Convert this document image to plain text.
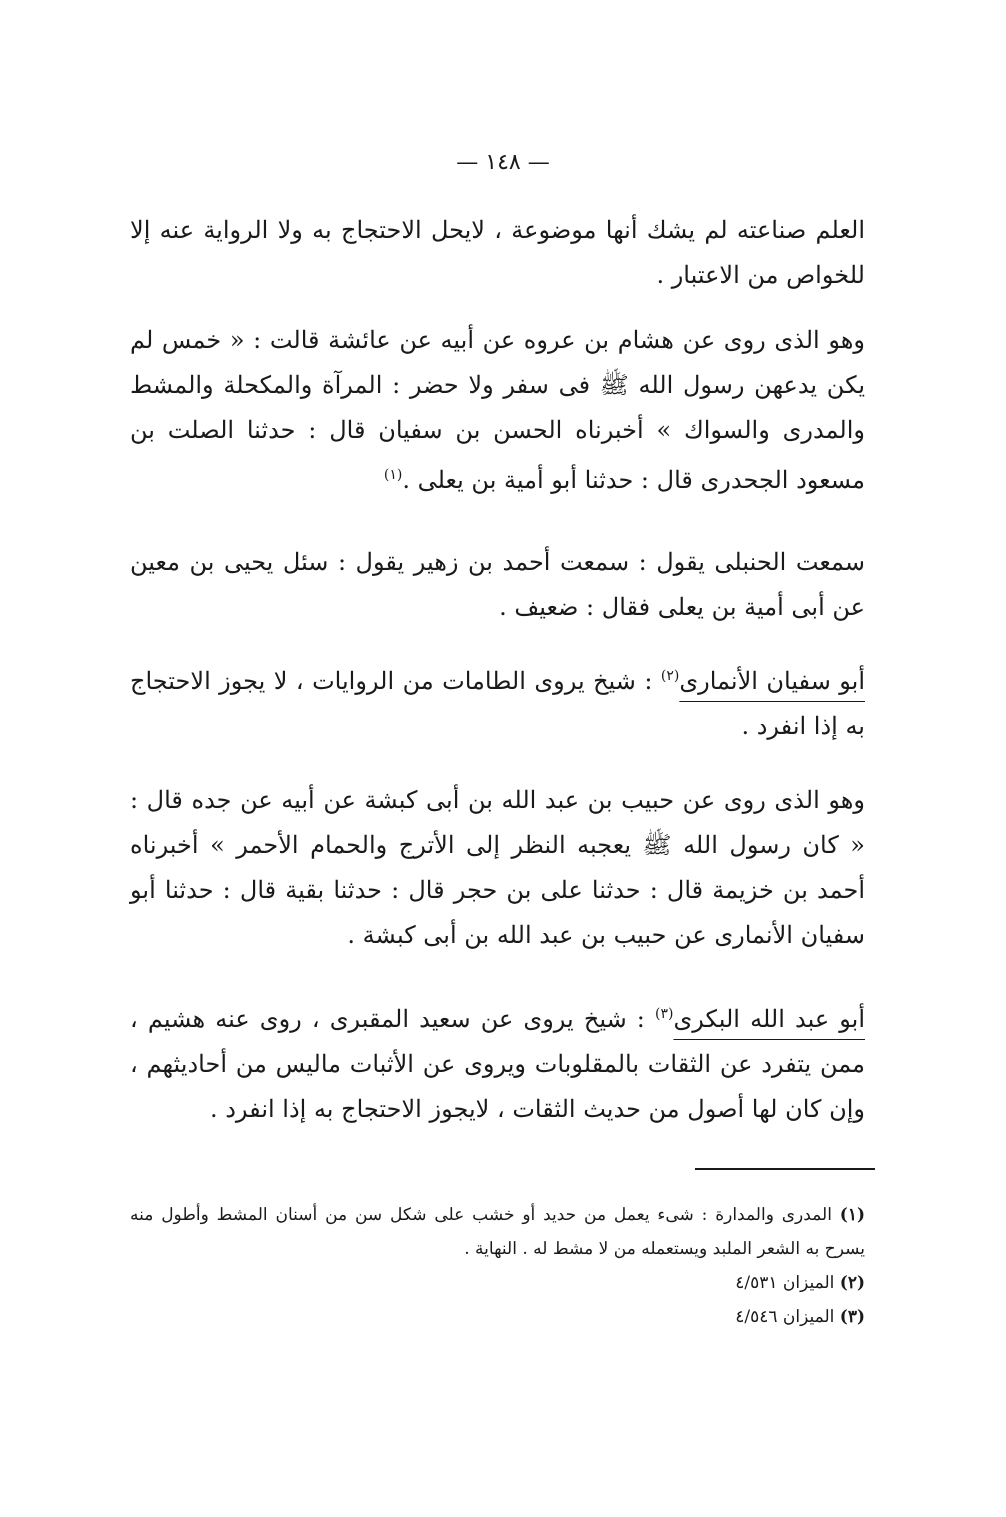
— ١٤٨ —

العلم صناعته لم يشك أنها موضوعة ، لايحل الاحتجاج به ولا الرواية عنه إلا للخواص من الاعتبار .

وهو الذى روى عن هشام بن عروه عن أبيه عن عائشة قالت : « خمس لم يكن يدعهن رسول الله ﷺ فى سفر ولا حضر : المرآة والمكحلة والمشط والمدرى والسواك » أخبرناه الحسن بن سفيان قال : حدثنا الصلت بن مسعود الجحدرى قال : حدثنا أبو أمية بن يعلى .$^{(١)}$

سمعت الحنبلى يقول : سمعت أحمد بن زهير يقول : سئل يحيى بن معين عن أبى أمية بن يعلى فقال : ضعيف .

أبو سفيان الأنمارى$^{(٢)}$ : شيخ يروى الطامات من الروايات ، لا يجوز الاحتجاج به إذا انفرد .

وهو الذى روى عن حبيب بن عبد الله بن أبى كبشة عن أبيه عن جده قال : « كان رسول الله ﷺ يعجبه النظر إلى الأترج والحمام الأحمر » أخبرناه أحمد بن خزيمة قال : حدثنا على بن حجر قال : حدثنا بقية قال : حدثنا أبو سفيان الأنمارى عن حبيب بن عبد الله بن أبى كبشة .

أبو عبد الله البكرى$^{(٣)}$ : شيخ يروى عن سعيد المقبرى ، روى عنه هشيم ، ممن يتفرد عن الثقات بالمقلوبات ويروى عن الأثبات ماليس من أحاديثهم ، وإن كان لها أصول من حديث الثقات ، لايجوز الاحتجاج به إذا انفرد .

(١) المدرى والمدارة : شىء يعمل من حديد أو خشب على شكل سن من أسنان المشط وأطول منه يسرح به الشعر الملبد ويستعمله من لا مشط له . النهاية .

(٢) الميزان ٤/٥٣١

(٣) الميزان ٤/٥٤٦
